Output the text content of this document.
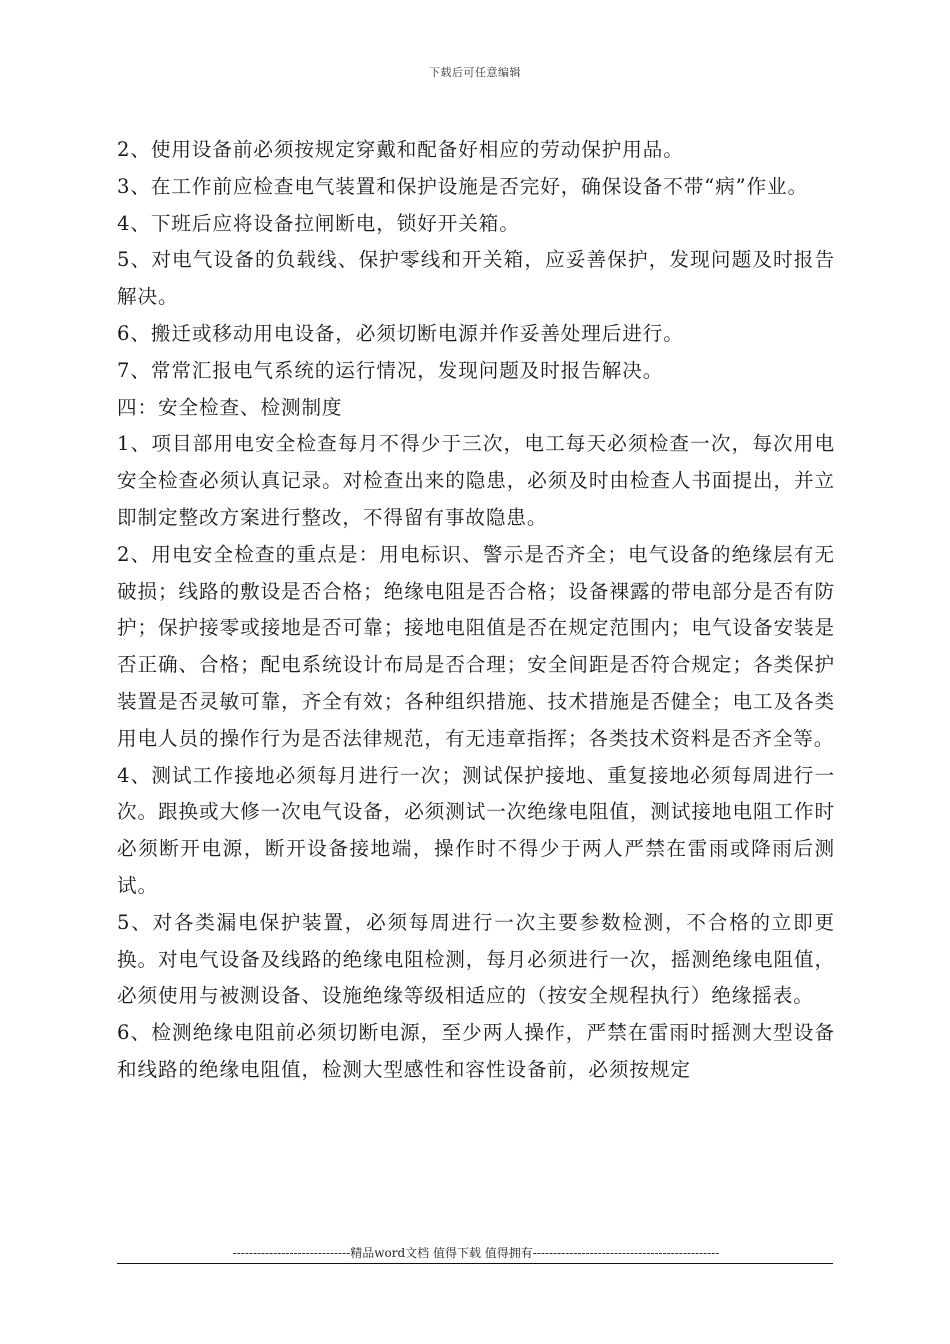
下载后可任意编辑

2、使用设备前必须按规定穿戴和配备好相应的劳动保护用品。

3、在工作前应检查电气装置和保护设施是否完好，确保设备不带“病”作业。

4、下班后应将设备拉闸断电，锁好开关箱。

5、对电气设备的负载线、保护零线和开关箱，应妥善保护，发现问题及时报告解决。

6、搬迁或移动用电设备，必须切断电源并作妥善处理后进行。

7、常常汇报电气系统的运行情况，发现问题及时报告解决。

四：安全检查、检测制度

1、项目部用电安全检查每月不得少于三次，电工每天必须检查一次，每次用电安全检查必须认真记录。对检查出来的隐患，必须及时由检查人书面提出，并立即制定整改方案进行整改，不得留有事故隐患。

2、用电安全检查的重点是：用电标识、警示是否齐全；电气设备的绝缘层有无破损；线路的敷设是否合格；绝缘电阻是否合格；设备裸露的带电部分是否有防护；保护接零或接地是否可靠；接地电阻值是否在规定范围内；电气设备安装是否正确、合格；配电系统设计布局是否合理；安全间距是否符合规定；各类保护装置是否灵敏可靠，齐全有效；各种组织措施、技术措施是否健全；电工及各类用电人员的操作行为是否法律规范，有无违章指挥；各类技术资料是否齐全等。

4、测试工作接地必须每月进行一次；测试保护接地、重复接地必须每周进行一次。跟换或大修一次电气设备，必须测试一次绝缘电阻值，测试接地电阻工作时必须断开电源，断开设备接地端，操作时不得少于两人严禁在雷雨或降雨后测试。

5、对各类漏电保护装置，必须每周进行一次主要参数检测，不合格的立即更换。对电气设备及线路的绝缘电阻检测，每月必须进行一次，摇测绝缘电阻值，必须使用与被测设备、设施绝缘等级相适应的（按安全规程执行）绝缘摇表。

6、检测绝缘电阻前必须切断电源，至少两人操作，严禁在雷雨时摇测大型设备和线路的绝缘电阻值，检测大型感性和容性设备前，必须按规定

-----------------------------精品word文档 值得下载 值得拥有----------------------------------------------
